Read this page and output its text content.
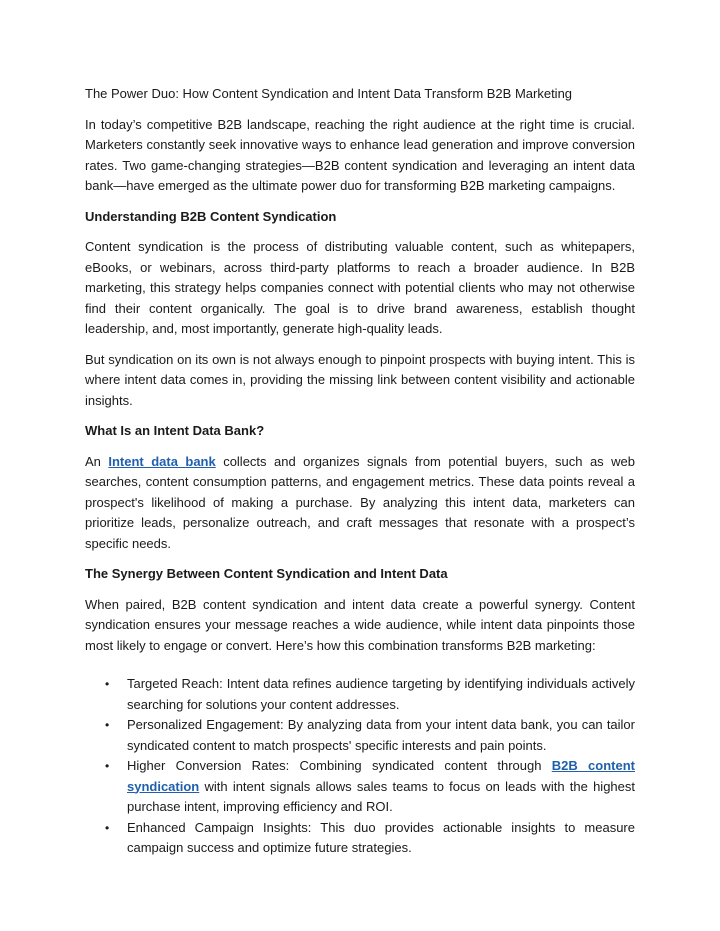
The Power Duo: How Content Syndication and Intent Data Transform B2B Marketing

In today’s competitive B2B landscape, reaching the right audience at the right time is crucial. Marketers constantly seek innovative ways to enhance lead generation and improve conversion rates. Two game-changing strategies—B2B content syndication and leveraging an intent data bank—have emerged as the ultimate power duo for transforming B2B marketing campaigns.

Understanding B2B Content Syndication

Content syndication is the process of distributing valuable content, such as whitepapers, eBooks, or webinars, across third-party platforms to reach a broader audience. In B2B marketing, this strategy helps companies connect with potential clients who may not otherwise find their content organically. The goal is to drive brand awareness, establish thought leadership, and, most importantly, generate high-quality leads.

But syndication on its own is not always enough to pinpoint prospects with buying intent. This is where intent data comes in, providing the missing link between content visibility and actionable insights.

What Is an Intent Data Bank?

An Intent data bank collects and organizes signals from potential buyers, such as web searches, content consumption patterns, and engagement metrics. These data points reveal a prospect's likelihood of making a purchase. By analyzing this intent data, marketers can prioritize leads, personalize outreach, and craft messages that resonate with a prospect’s specific needs.

The Synergy Between Content Syndication and Intent Data

When paired, B2B content syndication and intent data create a powerful synergy. Content syndication ensures your message reaches a wide audience, while intent data pinpoints those most likely to engage or convert. Here’s how this combination transforms B2B marketing:

• Targeted Reach: Intent data refines audience targeting by identifying individuals actively searching for solutions your content addresses.
• Personalized Engagement: By analyzing data from your intent data bank, you can tailor syndicated content to match prospects' specific interests and pain points.
• Higher Conversion Rates: Combining syndicated content through B2B content syndication with intent signals allows sales teams to focus on leads with the highest purchase intent, improving efficiency and ROI.
• Enhanced Campaign Insights: This duo provides actionable insights to measure campaign success and optimize future strategies.
